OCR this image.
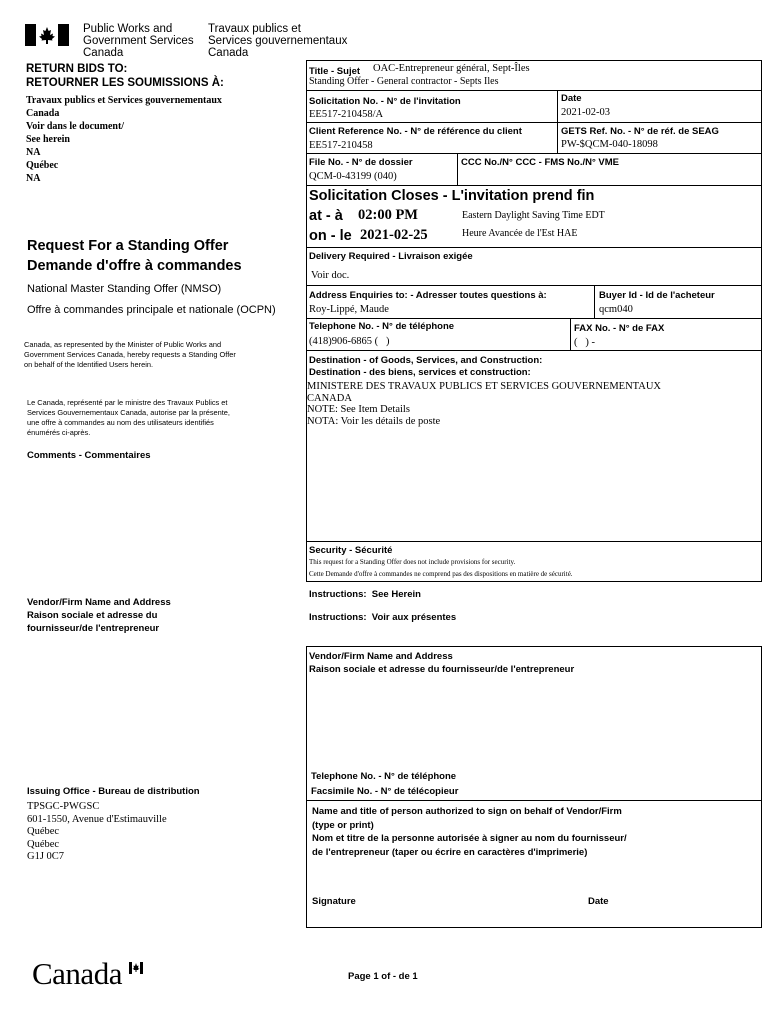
Public Works and
Government Services
Canada
Travaux publics et
Services gouvernementaux
Canada
RETURN BIDS TO:
RETOURNER LES SOUMISSIONS À:
Travaux publics et Services gouvernementaux
Canada
Voir dans le document/
See herein
NA
Québec
NA
Request For a Standing Offer
Demande d'offre à commandes
National Master Standing Offer (NMSO)
Offre à commandes principale et nationale (OCPN)
Canada, as represented by the Minister of Public Works and
Government Services Canada, hereby requests a Standing Offer
on behalf of the Identified Users herein.
Le Canada, représenté par le ministre des Travaux Publics et
Services Gouvernementaux Canada, autorise par la présente,
une offre à commandes au nom des utilisateurs identifiés
énumérés ci-après.
Comments - Commentaires
Vendor/Firm Name and Address
Raison sociale et adresse du
fournisseur/de l'entrepreneur
Issuing Office - Bureau de distribution
TPSGC-PWGSC
601-1550, Avenue d'Estimauville
Québec
Québec
G1J 0C7
Title - Sujet OAC-Entrepreneur général, Sept-Îles
Standing Offer - General contractor - Septs Iles
Solicitation No. - N° de l'invitation
EE517-210458/A
Date
2021-02-03
Client Reference No. - N° de référence du client
EE517-210458
GETS Ref. No. - N° de réf. de SEAG
PW-$QCM-040-18098
File No. - N° de dossier
QCM-0-43199 (040)
CCC No./N° CCC - FMS No./N° VME
Solicitation Closes - L'invitation prend fin
at - à 02:00 PM	Eastern Daylight Saving Time EDT
on - le 2021-02-25	Heure Avancée de l'Est HAE
Delivery Required - Livraison exigée
Voir doc.
Address Enquiries to: - Adresser toutes questions à:
Roy-Lippé, Maude
Buyer Id - Id de l'acheteur
qcm040
Telephone No. - N° de téléphone
(418)906-6865 (   )
FAX No. - N° de FAX
(   ) -
Destination - of Goods, Services, and Construction:
Destination - des biens, services et construction:
MINISTERE DES TRAVAUX PUBLICS ET SERVICES GOUVERNEMENTAUX
CANADA
NOTE: See Item Details
NOTA: Voir les détails de poste
Security - Sécurité
This request for a Standing Offer does not include provisions for security.
Cette Demande d'offre à commandes ne comprend pas des dispositions en matière de sécurité.
Instructions:  See Herein
Instructions:  Voir aux présentes
Vendor/Firm Name and Address
Raison sociale et adresse du fournisseur/de l'entrepreneur
Telephone No. - N° de téléphone
Facsimile No. - N° de télécopieur
Name and title of person authorized to sign on behalf of Vendor/Firm
(type or print)
Nom et titre de la personne autorisée à signer au nom du fournisseur/
de l'entrepreneur (taper ou écrire en caractères d'imprimerie)
Signature	Date
Canada	Page 1 of - de 1
